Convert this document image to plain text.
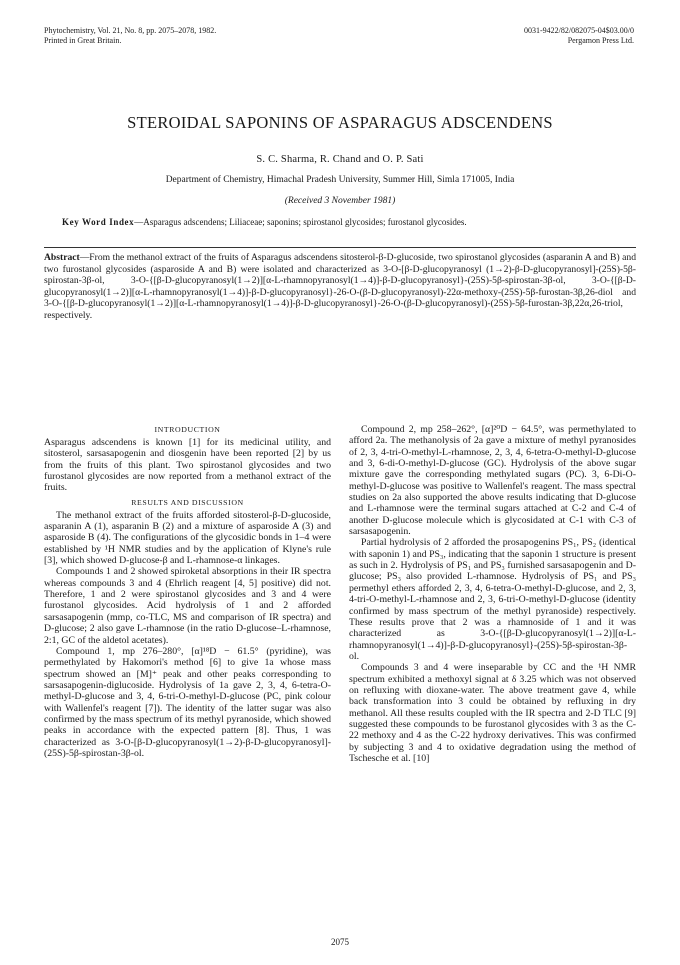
Phytochemistry, Vol. 21, No. 8, pp. 2075–2078, 1982.
Printed in Great Britain.
0031-9422/82/082075-04$03.00/0
Pergamon Press Ltd.
STEROIDAL SAPONINS OF ASPARAGUS ADSCENDENS
S. C. Sharma, R. Chand and O. P. Sati
Department of Chemistry, Himachal Pradesh University, Summer Hill, Simla 171005, India
(Received 3 November 1981)
Key Word Index—Asparagus adscendens; Liliaceae; saponins; spirostanol glycosides; furostanol glycosides.
Abstract—From the methanol extract of the fruits of Asparagus adscendens sitosterol-β-D-glucoside, two spirostanol glycosides (asparanin A and B) and two furostanol glycosides (asparoside A and B) were isolated and characterized as 3-O-[β-D-glucopyranosyl (1→2)-β-D-glucopyranosyl]-(25S)-5β-spirostan-3β-ol, 3-O-{[β-D-glucopyranosyl(1→2)][α-L-rhamnopyranosyl(1→4)]-β-D-glucopyranosyl}-(25S)-5β-spirostan-3β-ol, 3-O-{[β-D-glucopyranosyl(1→2)][α-L-rhamnopyranosyl(1→4)]-β-D-glucopyranosyl}-26-O-(β-D-glucopyranosyl)-22α-methoxy-(25S)-5β-furostan-3β,26-diol and 3-O-{[β-D-glucopyranosyl(1→2)][α-L-rhamnopyranosyl(1→4)]-β-D-glucopyranosyl}-26-O-(β-D-glucopyranosyl)-(25S)-5β-furostan-3β,22α,26-triol, respectively.
INTRODUCTION

Asparagus adscendens is known [1] for its medicinal utility, and sitosterol, sarsasapogenin and diosgenin have been reported [2] by us from the fruits of this plant. Two spirostanol glycosides and two furostanol glycosides are now reported from a methanol extract of the fruits.

RESULTS AND DISCUSSION

The methanol extract of the fruits afforded sitosterol-β-D-glucoside, asparanin A (1), asparanin B (2) and a mixture of asparoside A (3) and asparoside B (4). The configurations of the glycosidic bonds in 1–4 were established by ¹H NMR studies and by the application of Klyne's rule [3], which showed D-glucose-β and L-rhamnose-α linkages.

Compounds 1 and 2 showed spiroketal absorptions in their IR spectra whereas compounds 3 and 4 (Ehrlich reagent [4, 5] positive) did not. Therefore, 1 and 2 were spirostanol glycosides and 3 and 4 were furostanol glycosides. Acid hydrolysis of 1 and 2 afforded sarsasapogenin (mmp, co-TLC, MS and comparison of IR spectra) and D-glucose; 2 also gave L-rhamnose (in the ratio D-glucose–L-rhamnose, 2:1, GC of the aldetol acetates).

Compound 1, mp 276–280°, [α]¹⁸D − 61.5° (pyridine), was permethylated by Hakomori's method [6] to give 1a whose mass spectrum showed an [M]⁺ peak and other peaks corresponding to sarsasapogenin-diglucoside. Hydrolysis of 1a gave 2, 3, 4, 6-tetra-O-methyl-D-glucose and 3, 4, 6-tri-O-methyl-D-glucose (PC, pink colour with Wallenfel's reagent [7]). The identity of the latter sugar was also confirmed by the mass spectrum of its methyl pyranoside, which showed peaks in accordance with the expected pattern [8]. Thus, 1 was characterized as 3-O-[β-D-glucopyranosyl(1→2)-β-D-glucopyranosyl]-(25S)-5β-spirostan-3β-ol.

Compound 2, mp 258–262°, [α]²⁰D − 64.5°, was permethylated to afford 2a. The methanolysis of 2a gave a mixture of methyl pyranosides of 2, 3, 4-tri-O-methyl-L-rhamnose, 2, 3, 4, 6-tetra-O-methyl-D-glucose and 3, 6-di-O-methyl-D-glucose (GC). Hydrolysis of the above sugar mixture gave the corresponding methylated sugars (PC). 3, 6-Di-O-methyl-D-glucose was positive to Wallenfel's reagent. The mass spectral studies on 2a also supported the above results indicating that D-glucose and L-rhamnose were the terminal sugars attached at C-2 and C-4 of another D-glucose molecule which is glycosidated at C-1 with C-3 of sarsasapogenin.

Partial hydrolysis of 2 afforded the prosapogenins PS₁, PS₂ (identical with saponin 1) and PS₃, indicating that the saponin 1 structure is present as such in 2. Hydrolysis of PS₁ and PS₃ furnished sarsasapogenin and D-glucose; PS₃ also provided L-rhamnose. Hydrolysis of PS₁ and PS₃ permethyl ethers afforded 2, 3, 4, 6-tetra-O-methyl-D-glucose, and 2, 3, 4-tri-O-methyl-L-rhamnose and 2, 3, 6-tri-O-methyl-D-glucose (identity confirmed by mass spectrum of the methyl pyranoside) respectively. These results prove that 2 was a rhamnoside of 1 and it was characterized as 3-O-{[β-D-glucopyranosyl(1→2)][α-L-rhamnopyranosyl(1→4)]-β-D-glucopyranosyl}-(25S)-5β-spirostan-3β-ol.

Compounds 3 and 4 were inseparable by CC and the ¹H NMR spectrum exhibited a methoxyl signal at δ 3.25 which was not observed on refluxing with dioxane-water. The above treatment gave 4, while back transformation into 3 could be obtained by refluxing in dry methanol. All these results coupled with the IR spectra and 2-D TLC [9] suggested these compounds to be furostanol glycosides with 3 as the C-22 methoxy and 4 as the C-22 hydroxy derivatives. This was confirmed by subjecting 3 and 4 to oxidative degradation using the method of Tschesche et al. [10]

2075
